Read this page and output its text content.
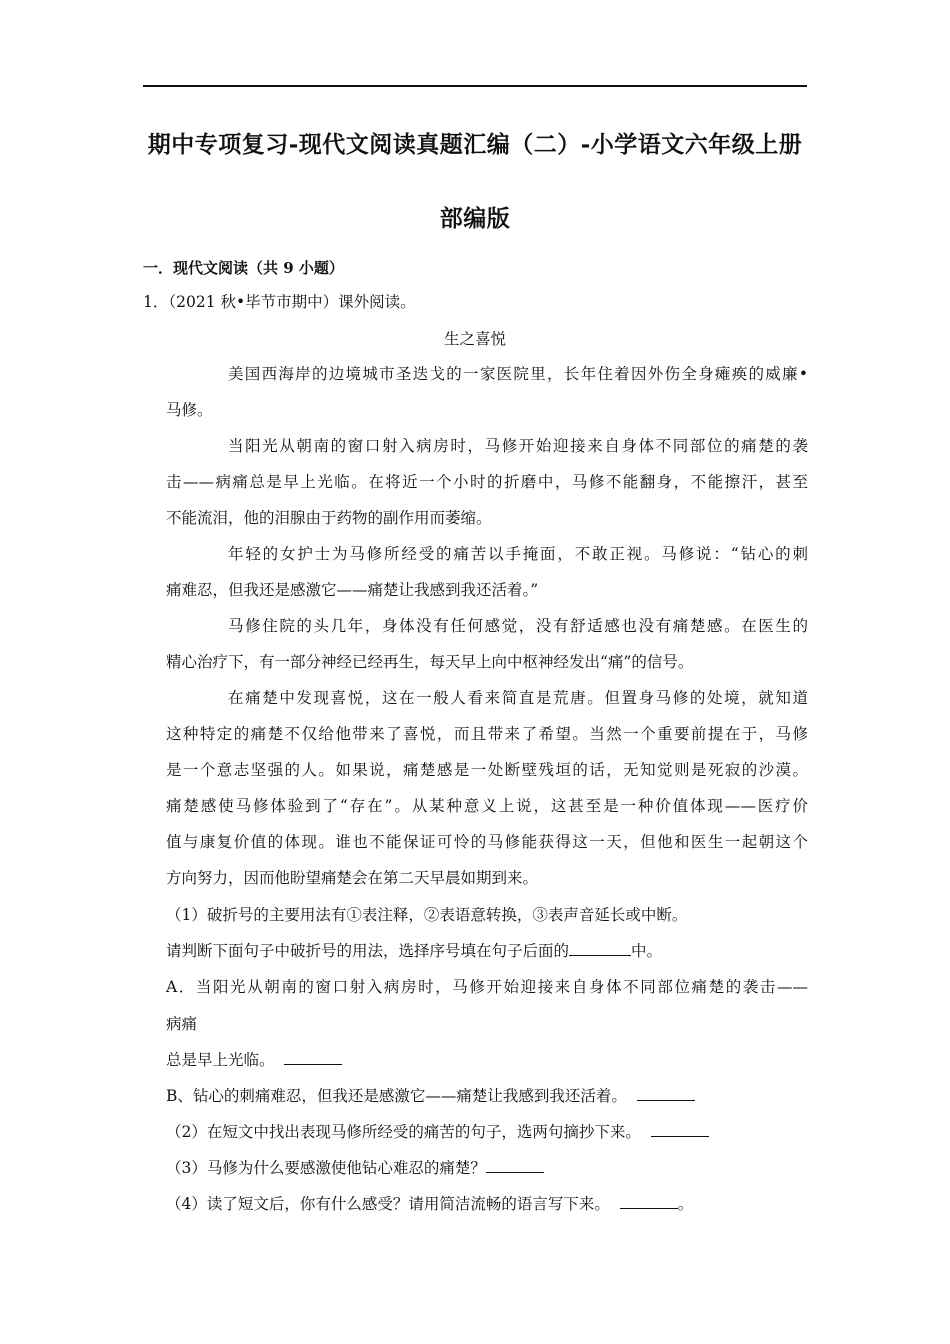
期中专项复习-现代文阅读真题汇编（二）-小学语文六年级上册
部编版
一．现代文阅读（共 9 小题）
1．（2021 秋•毕节市期中）课外阅读。
生之喜悦
美国西海岸的边境城市圣迭戈的一家医院里，长年住着因外伤全身瘫痪的威廉•
马修。
当阳光从朝南的窗口射入病房时，马修开始迎接来自身体不同部位的痛楚的袭
击——病痛总是早上光临。在将近一个小时的折磨中，马修不能翻身，不能擦汗，甚至
不能流泪，他的泪腺由于药物的副作用而萎缩。
年轻的女护士为马修所经受的痛苦以手掩面，不敢正视。马修说：“钻心的刺
痛难忍，但我还是感激它——痛楚让我感到我还活着。”
马修住院的头几年，身体没有任何感觉，没有舒适感也没有痛楚感。在医生的
精心治疗下，有一部分神经已经再生，每天早上向中枢神经发出“痛”的信号。
在痛楚中发现喜悦，这在一般人看来简直是荒唐。但置身马修的处境，就知道
这种特定的痛楚不仅给他带来了喜悦，而且带来了希望。当然一个重要前提在于，马修
是一个意志坚强的人。如果说，痛楚感是一处断壁残垣的话，无知觉则是死寂的沙漠。
痛楚感使马修体验到了“存在”。从某种意义上说，这甚至是一种价值体现——医疗价
值与康复价值的体现。谁也不能保证可怜的马修能获得这一天，但他和医生一起朝这个
方向努力，因而他盼望痛楚会在第二天早晨如期到来。
（1）破折号的主要用法有①表注释，②表语意转换，③表声音延长或中断。
请判断下面句子中破折号的用法，选择序号填在句子后面的	中。
A．当阳光从朝南的窗口射入病房时，马修开始迎接来自身体不同部位痛楚的袭击——
病痛
总是早上光临。
B、钻心的刺痛难忍，但我还是感激它——痛楚让我感到我还活着。
（2）在短文中找出表现马修所经受的痛苦的句子，选两句摘抄下来。
（3）马修为什么要感激使他钻心难忍的痛楚？
（4）读了短文后，你有什么感受？请用简洁流畅的语言写下来。	。
